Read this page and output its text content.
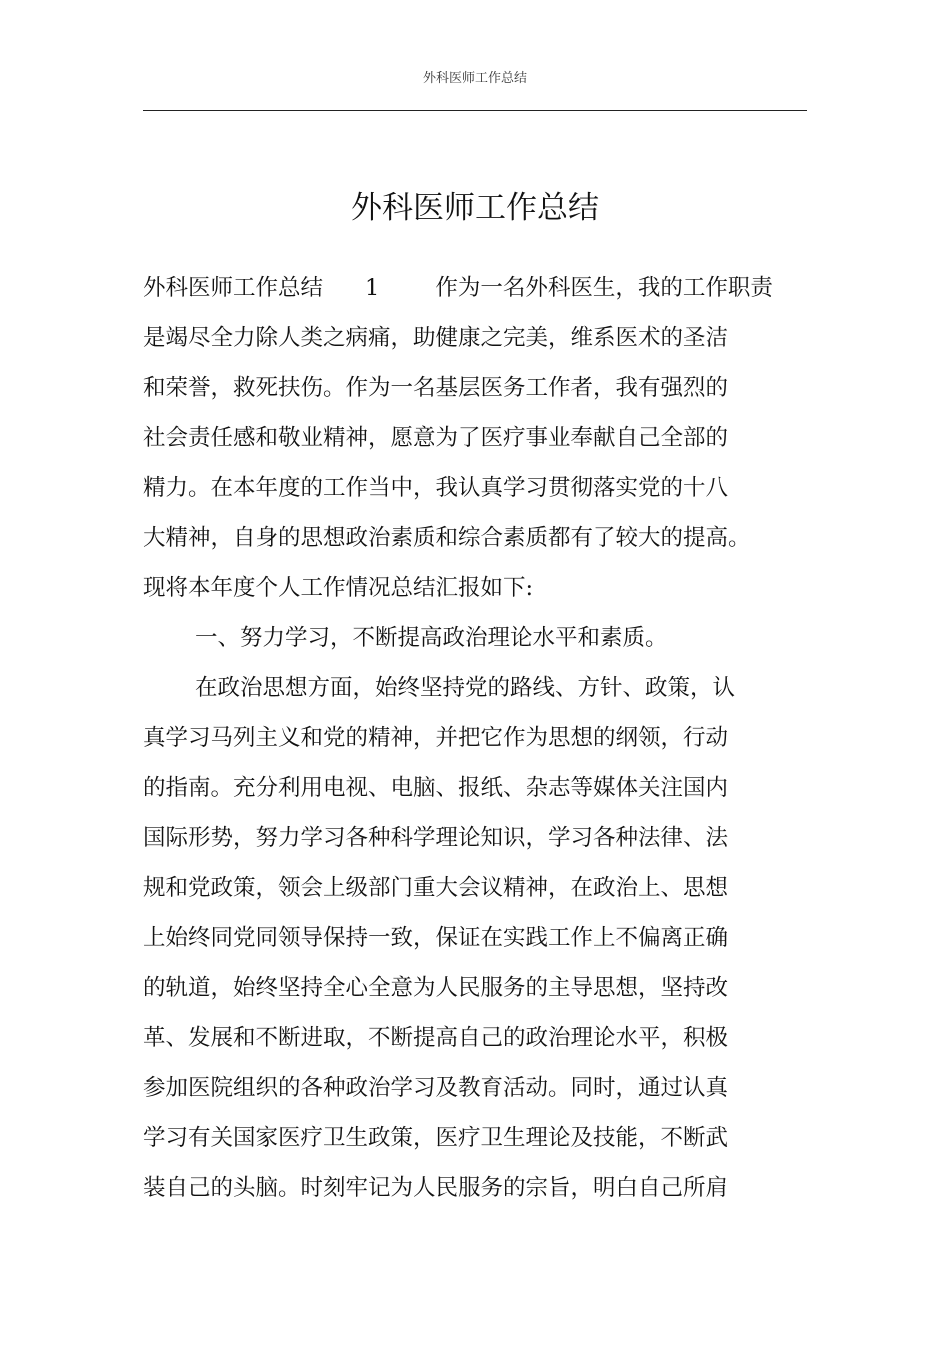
外科医师工作总结
外科医师工作总结
外科医师工作总结 1 作为一名外科医生，我的工作职责
是竭尽全力除人类之病痛，助健康之完美，维系医术的圣洁
和荣誉，救死扶伤。作为一名基层医务工作者，我有强烈的
社会责任感和敬业精神，愿意为了医疗事业奉献自己全部的
精力。在本年度的工作当中，我认真学习贯彻落实党的十八
大精神，自身的思想政治素质和综合素质都有了较大的提高。
现将本年度个人工作情况总结汇报如下:
一、努力学习，不断提高政治理论水平和素质。
在政治思想方面，始终坚持党的路线、方针、政策，认
真学习马列主义和党的精神，并把它作为思想的纲领，行动
的指南。充分利用电视、电脑、报纸、杂志等媒体关注国内
国际形势，努力学习各种科学理论知识，学习各种法律、法
规和党政策，领会上级部门重大会议精神，在政治上、思想
上始终同党同领导保持一致，保证在实践工作上不偏离正确
的轨道，始终坚持全心全意为人民服务的主导思想，坚持改
革、发展和不断进取，不断提高自己的政治理论水平，积极
参加医院组织的各种政治学习及教育活动。同时，通过认真
学习有关国家医疗卫生政策，医疗卫生理论及技能，不断武
装自己的头脑。时刻牢记为人民服务的宗旨，明白自己所肩
